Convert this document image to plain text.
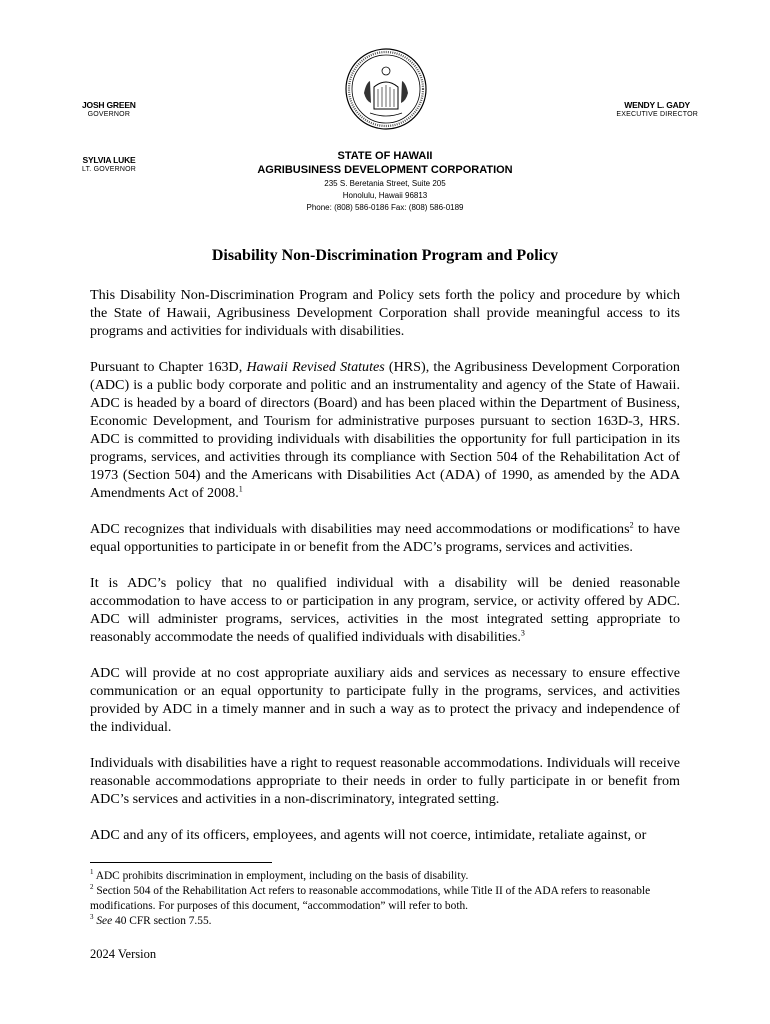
JOSH GREEN
GOVERNOR
SYLVIA LUKE
LT. GOVERNOR
WENDY L. GADY
EXECUTIVE DIRECTOR
STATE OF HAWAII
AGRIBUSINESS DEVELOPMENT CORPORATION
235 S. Beretania Street, Suite 205
Honolulu, Hawaii 96813
Phone: (808) 586-0186 Fax: (808) 586-0189
Disability Non-Discrimination Program and Policy

This Disability Non-Discrimination Program and Policy sets forth the policy and procedure by which the State of Hawaii, Agribusiness Development Corporation shall provide meaningful access to its programs and activities for individuals with disabilities.

Pursuant to Chapter 163D, Hawaii Revised Statutes (HRS), the Agribusiness Development Corporation (ADC) is a public body corporate and politic and an instrumentality and agency of the State of Hawaii. ADC is headed by a board of directors (Board) and has been placed within the Department of Business, Economic Development, and Tourism for administrative purposes pursuant to section 163D-3, HRS. ADC is committed to providing individuals with disabilities the opportunity for full participation in its programs, services, and activities through its compliance with Section 504 of the Rehabilitation Act of 1973 (Section 504) and the Americans with Disabilities Act (ADA) of 1990, as amended by the ADA Amendments Act of 2008.$^1$

ADC recognizes that individuals with disabilities may need accommodations or modifications$^2$ to have equal opportunities to participate in or benefit from the ADC’s programs, services and activities.

It is ADC’s policy that no qualified individual with a disability will be denied reasonable accommodation to have access to or participation in any program, service, or activity offered by ADC. ADC will administer programs, services, activities in the most integrated setting appropriate to reasonably accommodate the needs of qualified individuals with disabilities.$^3$

ADC will provide at no cost appropriate auxiliary aids and services as necessary to ensure effective communication or an equal opportunity to participate fully in the programs, services, and activities provided by ADC in a timely manner and in such a way as to protect the privacy and independence of the individual.

Individuals with disabilities have a right to request reasonable accommodations. Individuals will receive reasonable accommodations appropriate to their needs in order to fully participate in or benefit from ADC’s services and activities in a non-discriminatory, integrated setting.

ADC and any of its officers, employees, and agents will not coerce, intimidate, retaliate against, or

$^1$ ADC prohibits discrimination in employment, including on the basis of disability.
$^2$ Section 504 of the Rehabilitation Act refers to reasonable accommodations, while Title II of the ADA refers to reasonable modifications. For purposes of this document, “accommodation” will refer to both.
$^3$ See 40 CFR section 7.55.
2024 Version
